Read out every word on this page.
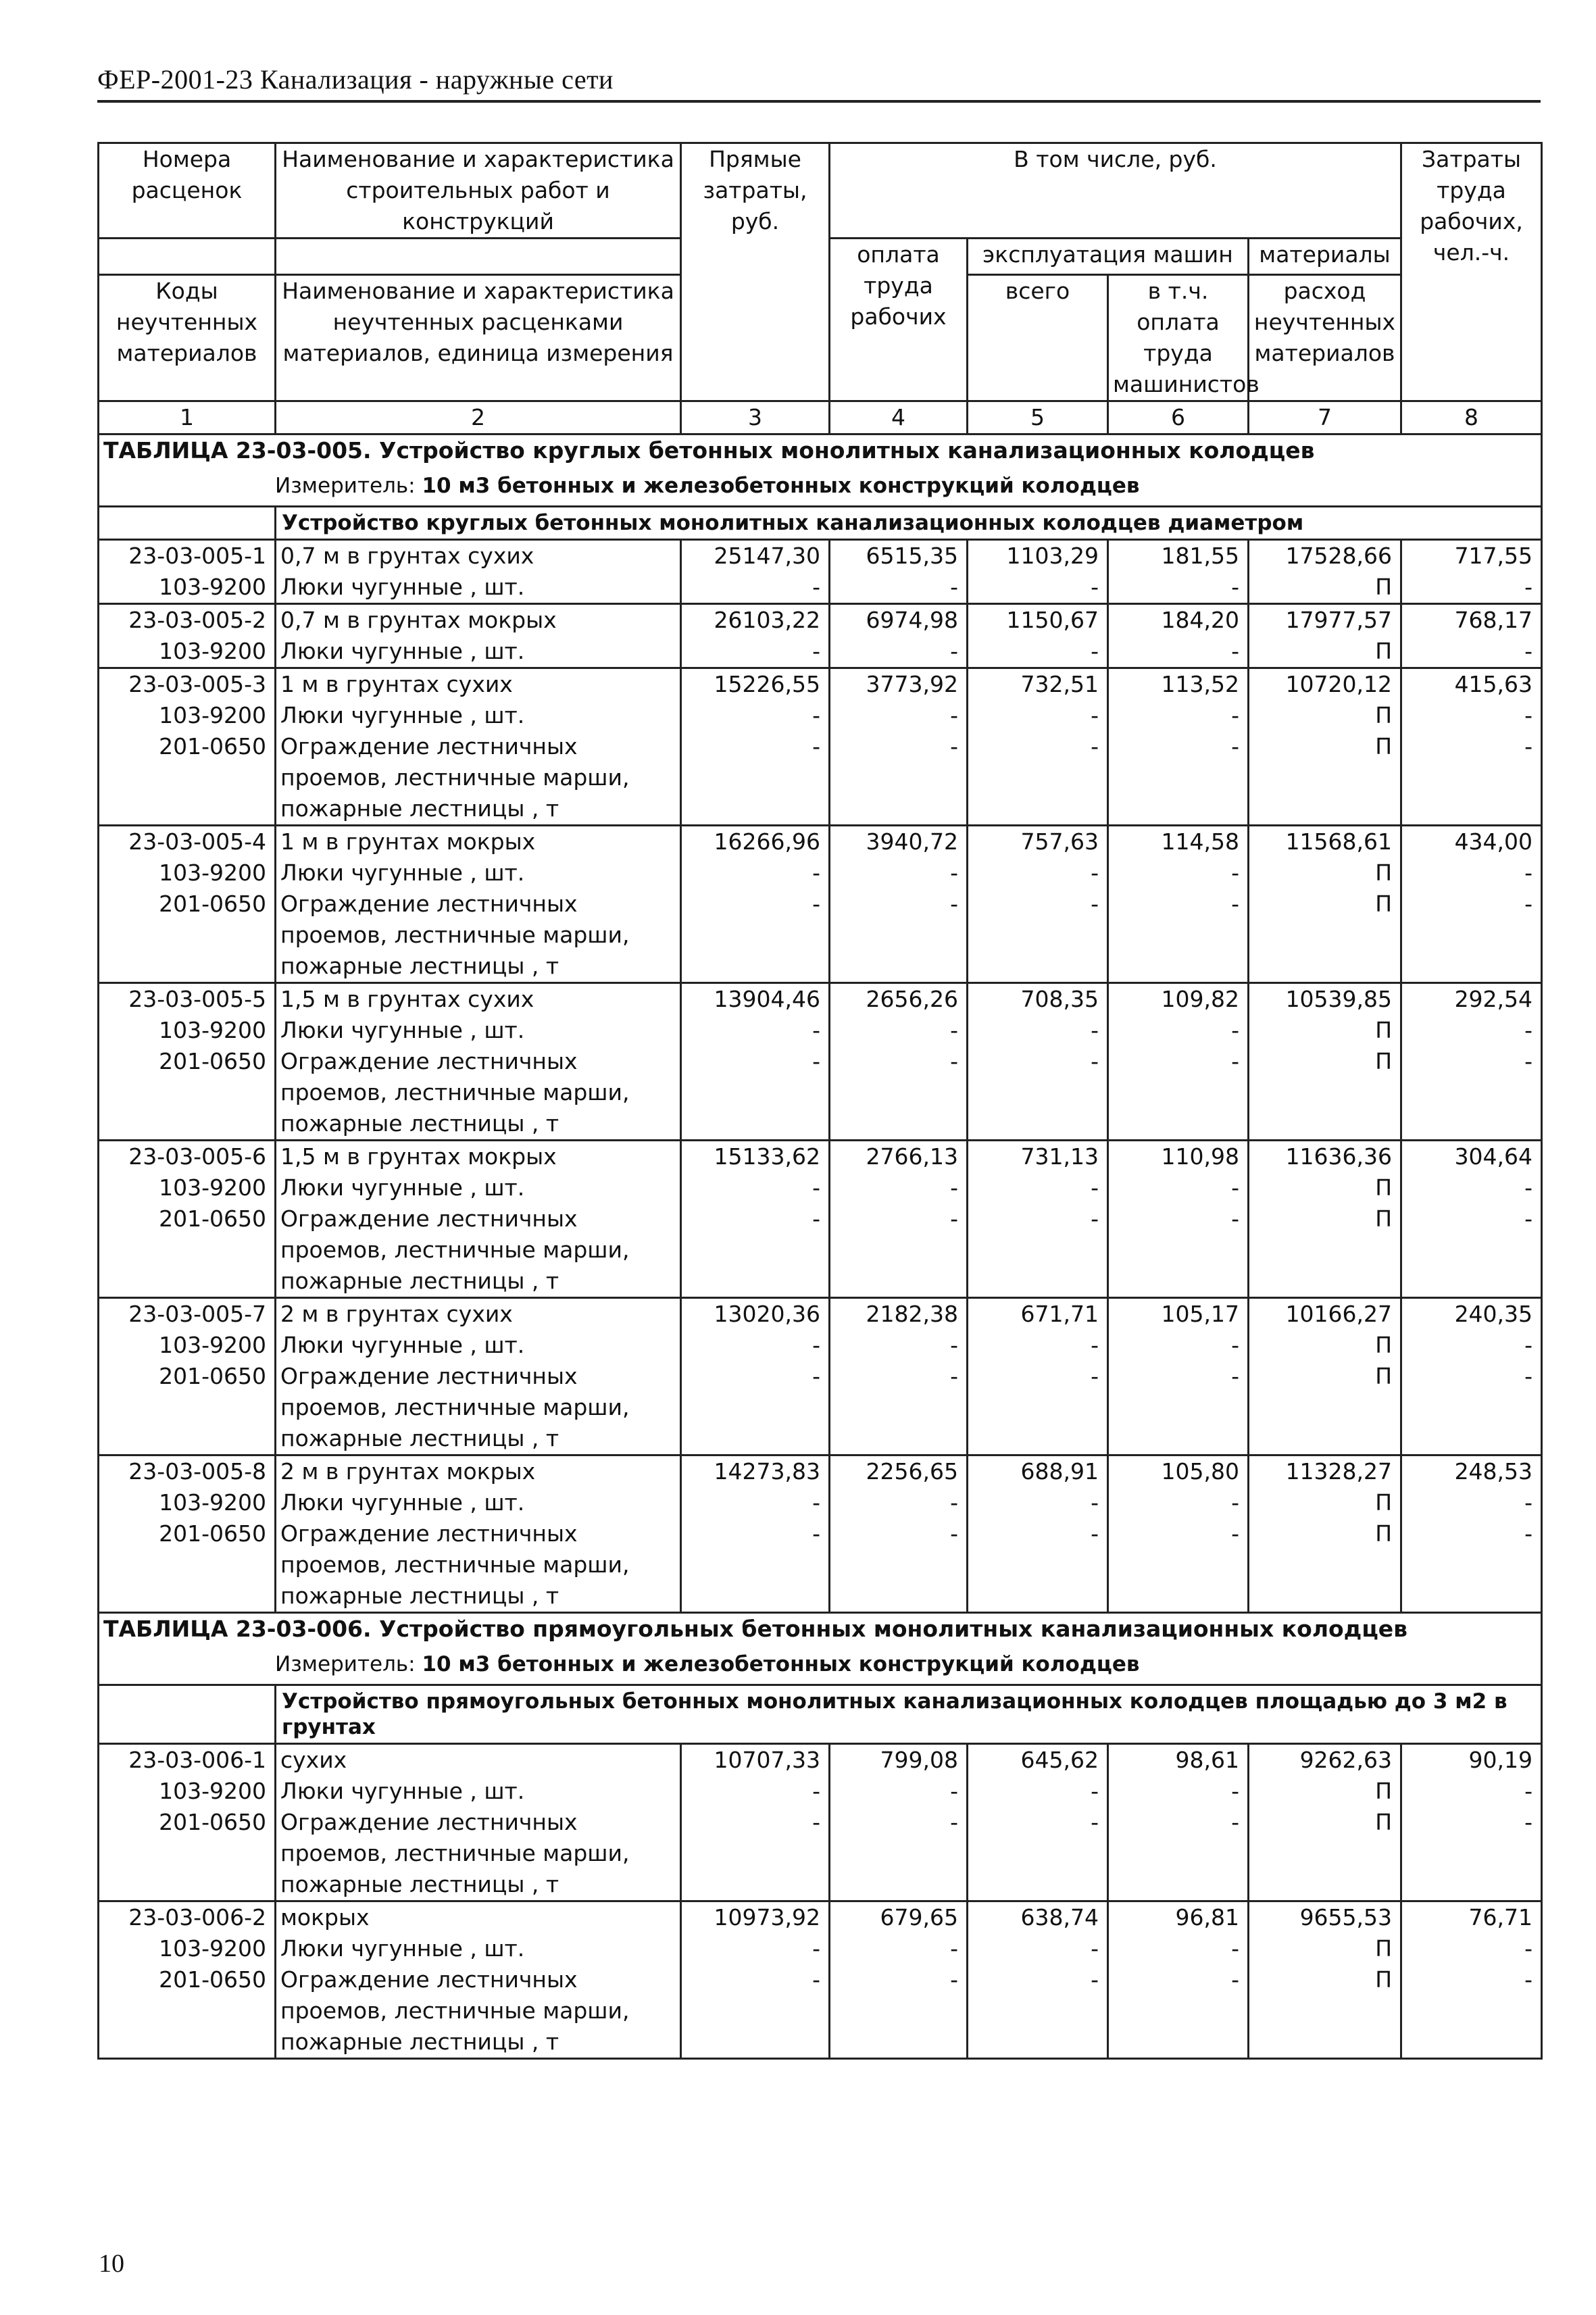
ФЕР-2001-23 Канализация - наружные сети
Номера расценок	Наименование и характеристика строительных работ и конструкций	Прямые затраты, руб.	В том числе, руб.				Затраты труда рабочих, чел.-ч.
			оплата труда рабочих	эксплуатация машин		материалы	
Коды неучтенных материалов	Наименование и характеристика неучтенных расценками материалов, единица измерения			всего	в т.ч. оплата труда машинистов	расход неучтенных материалов	

1	2	3	4	5	6	7	8
ТАБЛИЦА 23-03-005. Устройство круглых бетонных монолитных канализационных колодцев							
Измеритель: 10 м3 бетонных и железобетонных конструкций колодцев							
	Устройство круглых бетонных монолитных канализационных колодцев диаметром						
23-03-005-1	0,7 м в грунтах сухих	25147,30	6515,35	1103,29	181,55	17528,66	717,55
103-9200	Люки чугунные , шт.	-	-	-	-	П	-
23-03-005-2	0,7 м в грунтах мокрых	26103,22	6974,98	1150,67	184,20	17977,57	768,17
103-9200	Люки чугунные , шт.	-	-	-	-	П	-
23-03-005-3	1 м в грунтах сухих	15226,55	3773,92	732,51	113,52	10720,12	415,63
103-9200	Люки чугунные , шт.	-	-	-	-	П	-
201-0650	Ограждение лестничных проемов, лестничные марши, пожарные лестницы , т	-	-	-	-	П	-
23-03-005-4	1 м в грунтах мокрых	16266,96	3940,72	757,63	114,58	11568,61	434,00
103-9200	Люки чугунные , шт.	-	-	-	-	П	-
201-0650	Ограждение лестничных проемов, лестничные марши, пожарные лестницы , т	-	-	-	-	П	-
23-03-005-5	1,5 м в грунтах сухих	13904,46	2656,26	708,35	109,82	10539,85	292,54
103-9200	Люки чугунные , шт.	-	-	-	-	П	-
201-0650	Ограждение лестничных проемов, лестничные марши, пожарные лестницы , т	-	-	-	-	П	-
23-03-005-6	1,5 м в грунтах мокрых	15133,62	2766,13	731,13	110,98	11636,36	304,64
103-9200	Люки чугунные , шт.	-	-	-	-	П	-
201-0650	Ограждение лестничных проемов, лестничные марши, пожарные лестницы , т	-	-	-	-	П	-
23-03-005-7	2 м в грунтах сухих	13020,36	2182,38	671,71	105,17	10166,27	240,35
103-9200	Люки чугунные , шт.	-	-	-	-	П	-
201-0650	Ограждение лестничных проемов, лестничные марши, пожарные лестницы , т	-	-	-	-	П	-
23-03-005-8	2 м в грунтах мокрых	14273,83	2256,65	688,91	105,80	11328,27	248,53
103-9200	Люки чугунные , шт.	-	-	-	-	П	-
201-0650	Ограждение лестничных проемов, лестничные марши, пожарные лестницы , т	-	-	-	-	П	-
ТАБЛИЦА 23-03-006. Устройство прямоугольных бетонных монолитных канализационных колодцев							
Измеритель: 10 м3 бетонных и железобетонных конструкций колодцев							
	Устройство прямоугольных бетонных монолитных канализационных колодцев площадью до 3 м2 в грунтах						
23-03-006-1	сухих	10707,33	799,08	645,62	98,61	9262,63	90,19
103-9200	Люки чугунные , шт.	-	-	-	-	П	-
201-0650	Ограждение лестничных проемов, лестничные марши, пожарные лестницы , т	-	-	-	-	П	-
23-03-006-2	мокрых	10973,92	679,65	638,74	96,81	9655,53	76,71
103-9200	Люки чугунные , шт.	-	-	-	-	П	-
201-0650	Ограждение лестничных проемов, лестничные марши, пожарные лестницы , т	-	-	-	-	П	-
10
